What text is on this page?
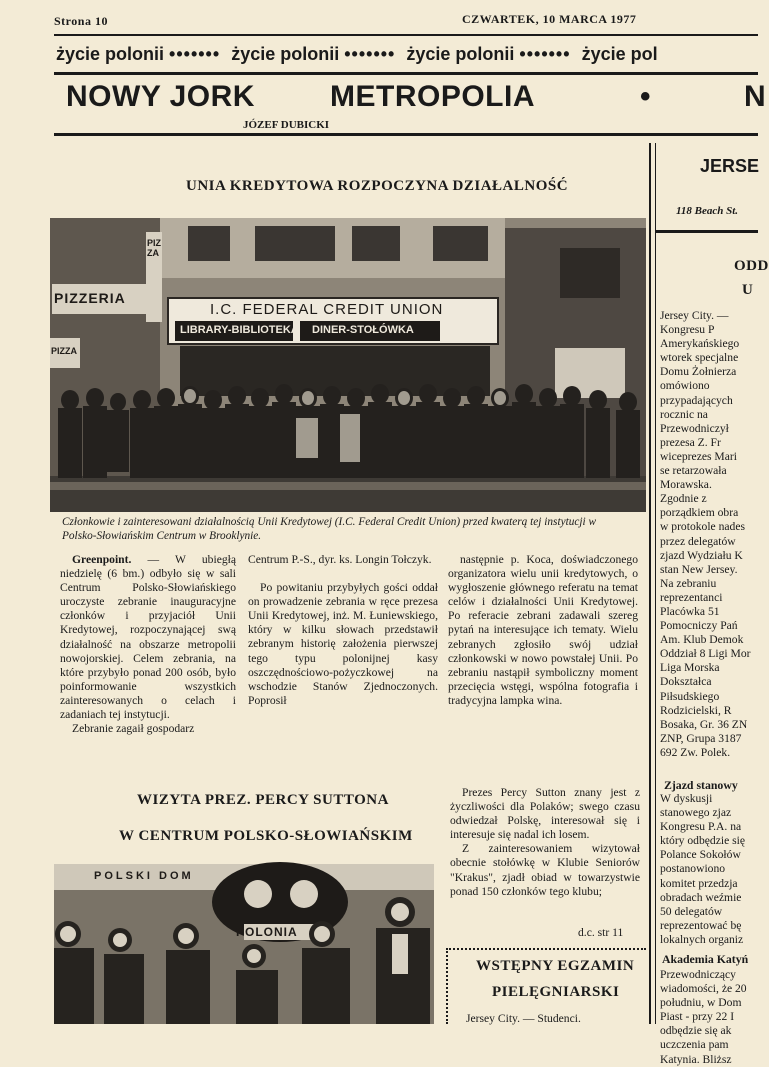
Strona 10	CZWARTEK, 10 MARCA 1977
życie polonii ••••••• życie polonii ••••••• życie polonii ••••••• życie pol
NOWY JORK	METROPOLIA	•	N
JÓZEF DUBICKI
UNIA KREDYTOWA ROZPOCZYNA DZIAŁALNOŚĆ
PIZZERIA
PIZZA
PIZZA
I.C. FEDERAL CREDIT UNION
LIBRARY-BIBLIOTEKA DINER-STOŁÓWKA
Członkowie i zainteresowani działalnością Unii Kredytowej (I.C. Federal Credit Union) przed kwaterą tej instytucji w Polsko-Słowiańskim Centrum w Brooklynie.

Greenpoint. — W ubiegłą niedzielę (6 bm.) odbyło się w sali Centrum Polsko-Słowiańskiego uroczyste zebranie inauguracyjne członków i przyjaciół Unii Kredytowej, rozpoczynającej swą działalność na obszarze metropolii nowojorskiej. Celem zebrania, na które przybyło ponad 200 osób, było poinformowanie wszystkich zainteresowanych o celach i zadaniach tej instytucji.

Zebranie zagaił gospodarz

Centrum P.-S., dyr. ks. Longin Tołczyk.

Po powitaniu przybyłych gości oddał on prowadzenie zebrania w ręce prezesa Unii Kredytowej, inż. M. Łuniewskiego, który w kilku słowach przedstawił zebranym historię założenia pierwszej tego typu polonijnej kasy oszczędnościowo-pożyczkowej na wschodzie Stanów Zjednoczonych. Poprosił

następnie p. Koca, doświadczonego organizatora wielu unii kredytowych, o wygłoszenie głównego referatu na temat celów i działalności Unii Kredytowej. Po referacie zebrani zadawali szereg pytań na interesujące ich tematy. Wielu zebranych zgłosiło swój udział członkowski w nowo powstałej Unii. Po zebraniu nastąpił symboliczny moment przecięcia wstęgi, wspólna fotografia i tradycyjna lampka wina.

WIZYTA PREZ. PERCY SUTTONA
W CENTRUM POLSKO-SŁOWIAŃSKIM
POLSKI DOM
POLONIA

Prezes Percy Sutton znany jest z życzliwości dla Polaków; swego czasu odwiedzał Polskę, interesował się i interesuje się nadal ich losem.

Z zainteresowaniem wizytował obecnie stołówkę w Klubie Seniorów "Krakus", zjadł obiad w towarzystwie ponad 150 członków tego klubu;

d.c. str 11
WSTĘPNY EGZAMIN
PIELĘGNIARSKI
Jersey City. — Studenci.
JERSE
118 Beach St.
ODD
U
Jersey City. —
Kongresu P
Amerykańskiego
wtorek specjalne
Domu Żołnierza
omówiono
przypadających
rocznic na
Przewodniczył
prezesa Z. Fr
wiceprezes Mari
se retarzowała
Morawska.
Zgodnie z
porządkiem obra
w protokole nades
przez delegatów
zjazd Wydziału K
stan New Jersey.
Na zebraniu
reprezentanci
Placówka 51
Pomocniczy Pań
Am. Klub Demok
Oddział 8 Ligi Mor
Liga Morska
Dokształca
Piłsudskiego
Rodzicielski, R
Bosaka, Gr. 36 ZN
ZNP, Grupa 3187
692 Zw. Polek.
Zjazd stanowy
W dyskusji
stanowego zjaz
Kongresu P.A. na
który odbędzie się
Polance Sokołów
postanowiono
komitet przedzja
obradach weźmie
50 delegatów
reprezentować bę
lokalnych organiz
Akademia Katyń
Przewodniczący
wiadomości, że 20
południu, w Dom
Piast - przy 22 I
odbędzie się ak
uczczenia pam
Katynia. Bliższ
